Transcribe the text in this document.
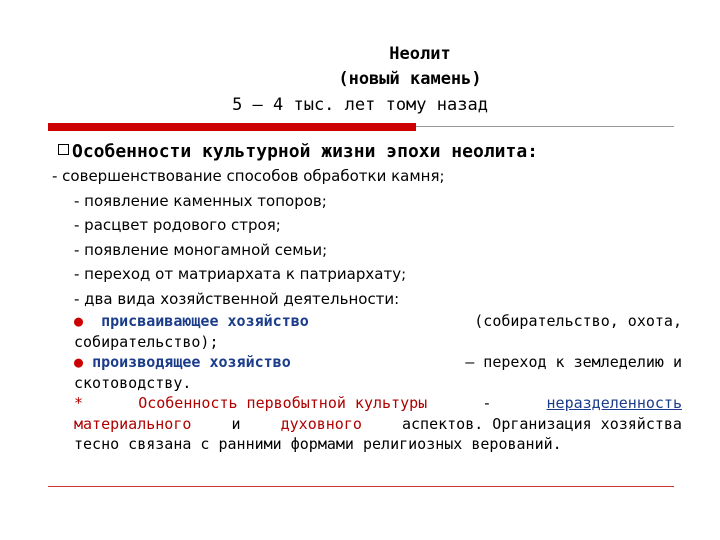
Неолит
(новый камень)
5 – 4 тыс. лет тому назад
Особенности культурной жизни эпохи неолита:
- совершенствование способов обработки камня;
- появление каменных топоров;
- расцвет родового строя;
- появление моногамной семьи;
- переход от матриархата к патриархату;
- два вида хозяйственной деятельности:
● присваивающее хозяйство	(собирательство, охота,
собирательство);
● производящее хозяйство	– переход к земледелию и
скотоводству.
*	Особенность первобытной культуры	-	неразделенность
материального	и	духовного	аспектов. Организация хозяйства
тесно связана с ранними формами религиозных верований.
